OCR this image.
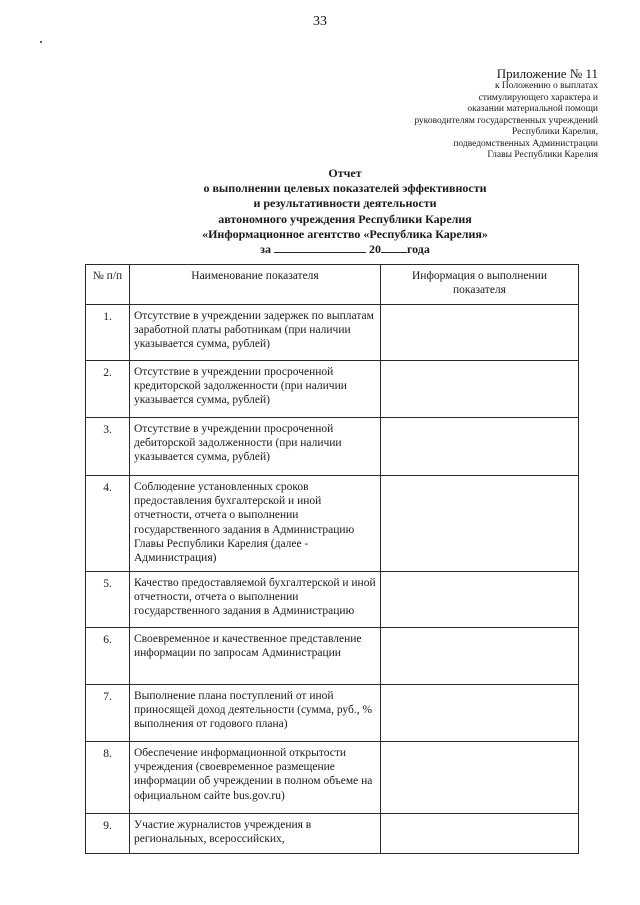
33
Приложение № 11
к Положению о выплатах
стимулирующего характера и
оказании материальной помощи
руководителям государственных учреждений
Республики Карелия,
подведомственных Администрации
Главы Республики Карелия
Отчет
о выполнении целевых показателей эффективности
и результативности деятельности
автономного учреждения Республики Карелия
«Информационное агентство «Республика Карелия»
за	20 года
№ п/п	Наименование показателя	Информация о выполнении показателя
1.	Отсутствие в учреждении задержек по выплатам заработной платы работникам (при наличии указывается сумма, рублей)	
2.	Отсутствие в учреждении просроченной кредиторской задолженности (при наличии указывается сумма, рублей)	
3.	Отсутствие в учреждении просроченной дебиторской задолженности (при наличии указывается сумма, рублей)	
4.	Соблюдение установленных сроков предоставления бухгалтерской и иной отчетности, отчета о выполнении государственного задания в Администрацию Главы Республики Карелия (далее - Администрация)	
5.	Качество предоставляемой бухгалтерской и иной отчетности, отчета о выполнении государственного задания в Администрацию	
6.	Своевременное и качественное представление информации по запросам Администрации	
7.	Выполнение плана поступлений от иной приносящей доход деятельности (сумма, руб., % выполнения от годового плана)	
8.	Обеспечение информационной открытости учреждения (своевременное размещение информации об учреждении в полном объеме на официальном сайте bus.gov.ru)	
9.	Участие журналистов учреждения в региональных, всероссийских,	
